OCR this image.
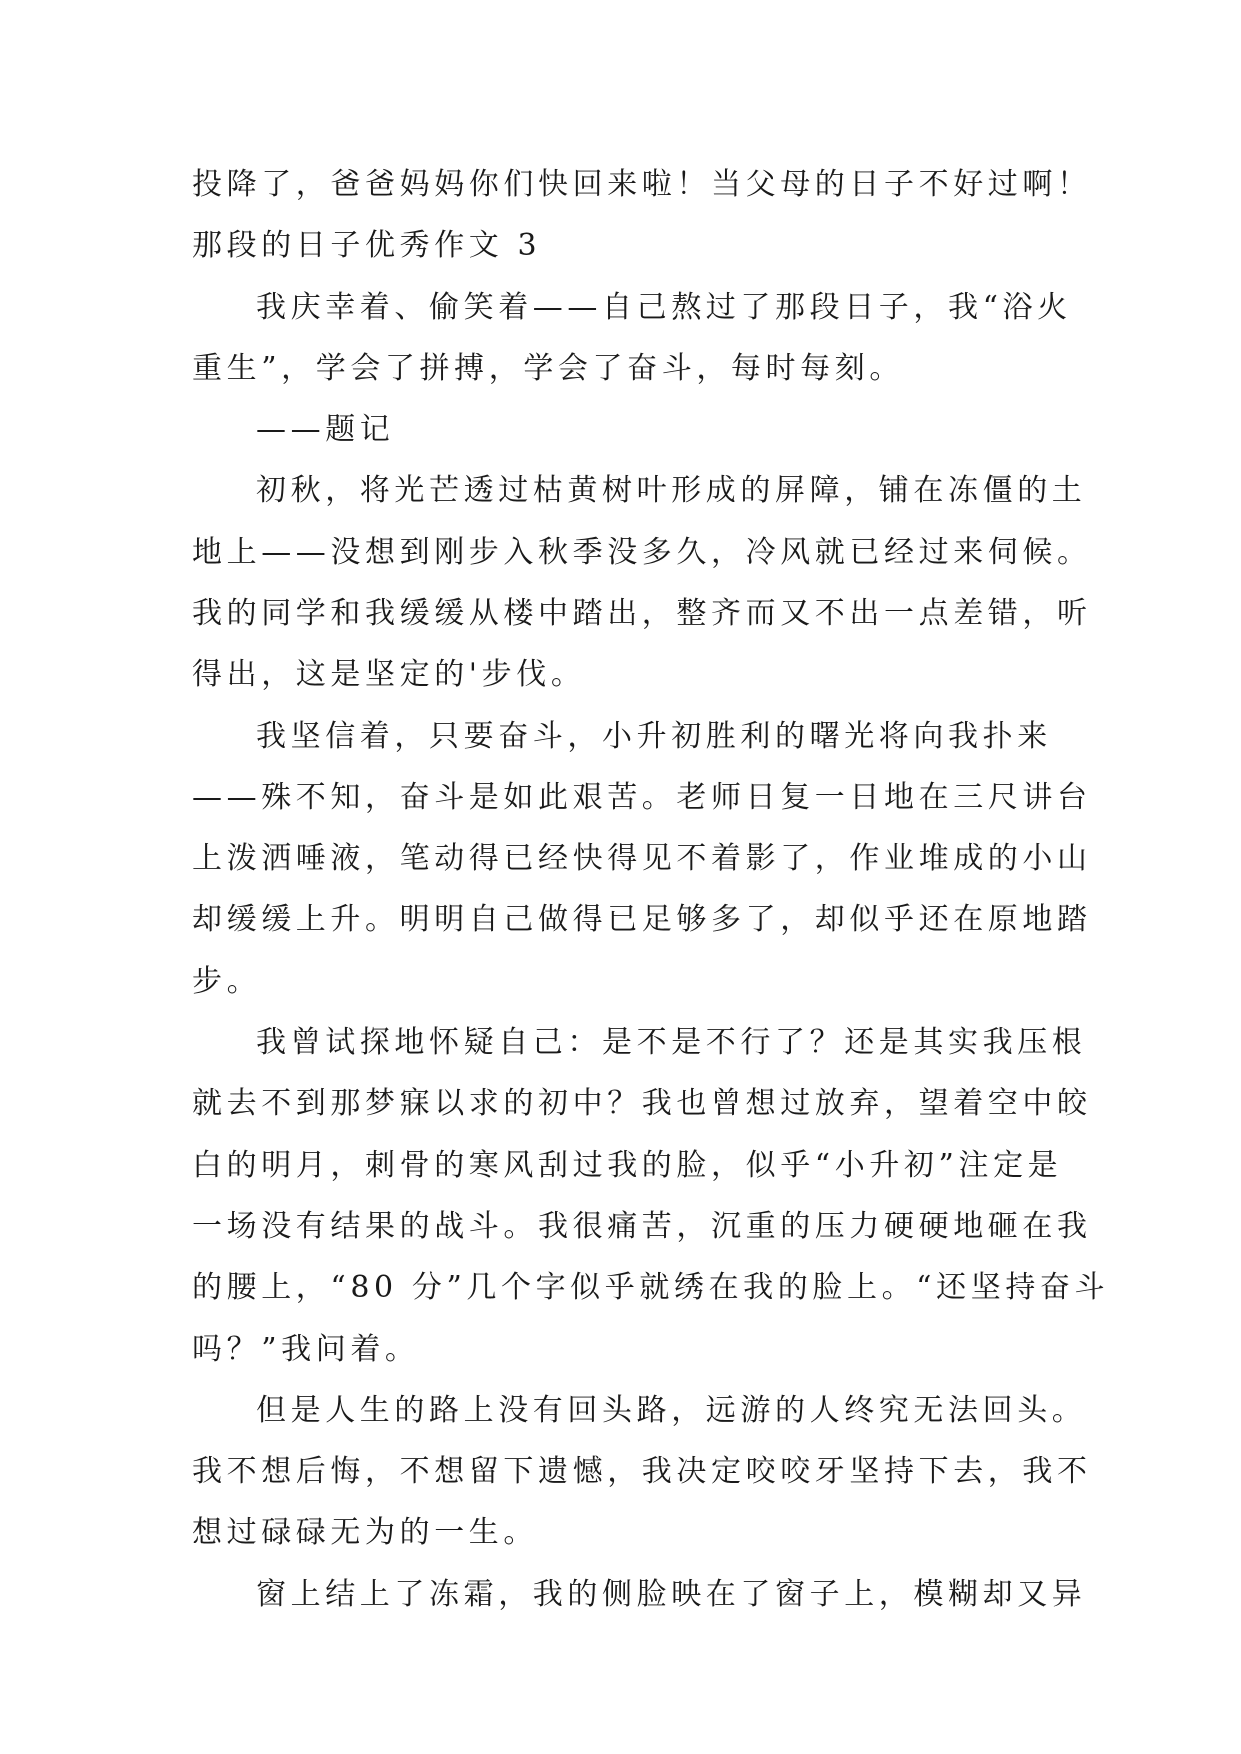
投降了，爸爸妈妈你们快回来啦！当父母的日子不好过啊！
那段的日子优秀作文 3
我庆幸着、偷笑着——自己熬过了那段日子，我“浴火
重生”，学会了拼搏，学会了奋斗，每时每刻。
——题记
初秋，将光芒透过枯黄树叶形成的屏障，铺在冻僵的土
地上——没想到刚步入秋季没多久，冷风就已经过来伺候。
我的同学和我缓缓从楼中踏出，整齐而又不出一点差错，听
得出，这是坚定的'步伐。
我坚信着，只要奋斗，小升初胜利的曙光将向我扑来
——殊不知，奋斗是如此艰苦。老师日复一日地在三尺讲台
上泼洒唾液，笔动得已经快得见不着影了，作业堆成的小山
却缓缓上升。明明自己做得已足够多了，却似乎还在原地踏
步。
我曾试探地怀疑自己：是不是不行了？还是其实我压根
就去不到那梦寐以求的初中？我也曾想过放弃，望着空中皎
白的明月，刺骨的寒风刮过我的脸，似乎“小升初”注定是
一场没有结果的战斗。我很痛苦，沉重的压力硬硬地砸在我
的腰上，“80 分”几个字似乎就绣在我的脸上。“还坚持奋斗
吗？”我问着。
但是人生的路上没有回头路，远游的人终究无法回头。
我不想后悔，不想留下遗憾，我决定咬咬牙坚持下去，我不
想过碌碌无为的一生。
窗上结上了冻霜，我的侧脸映在了窗子上，模糊却又异
